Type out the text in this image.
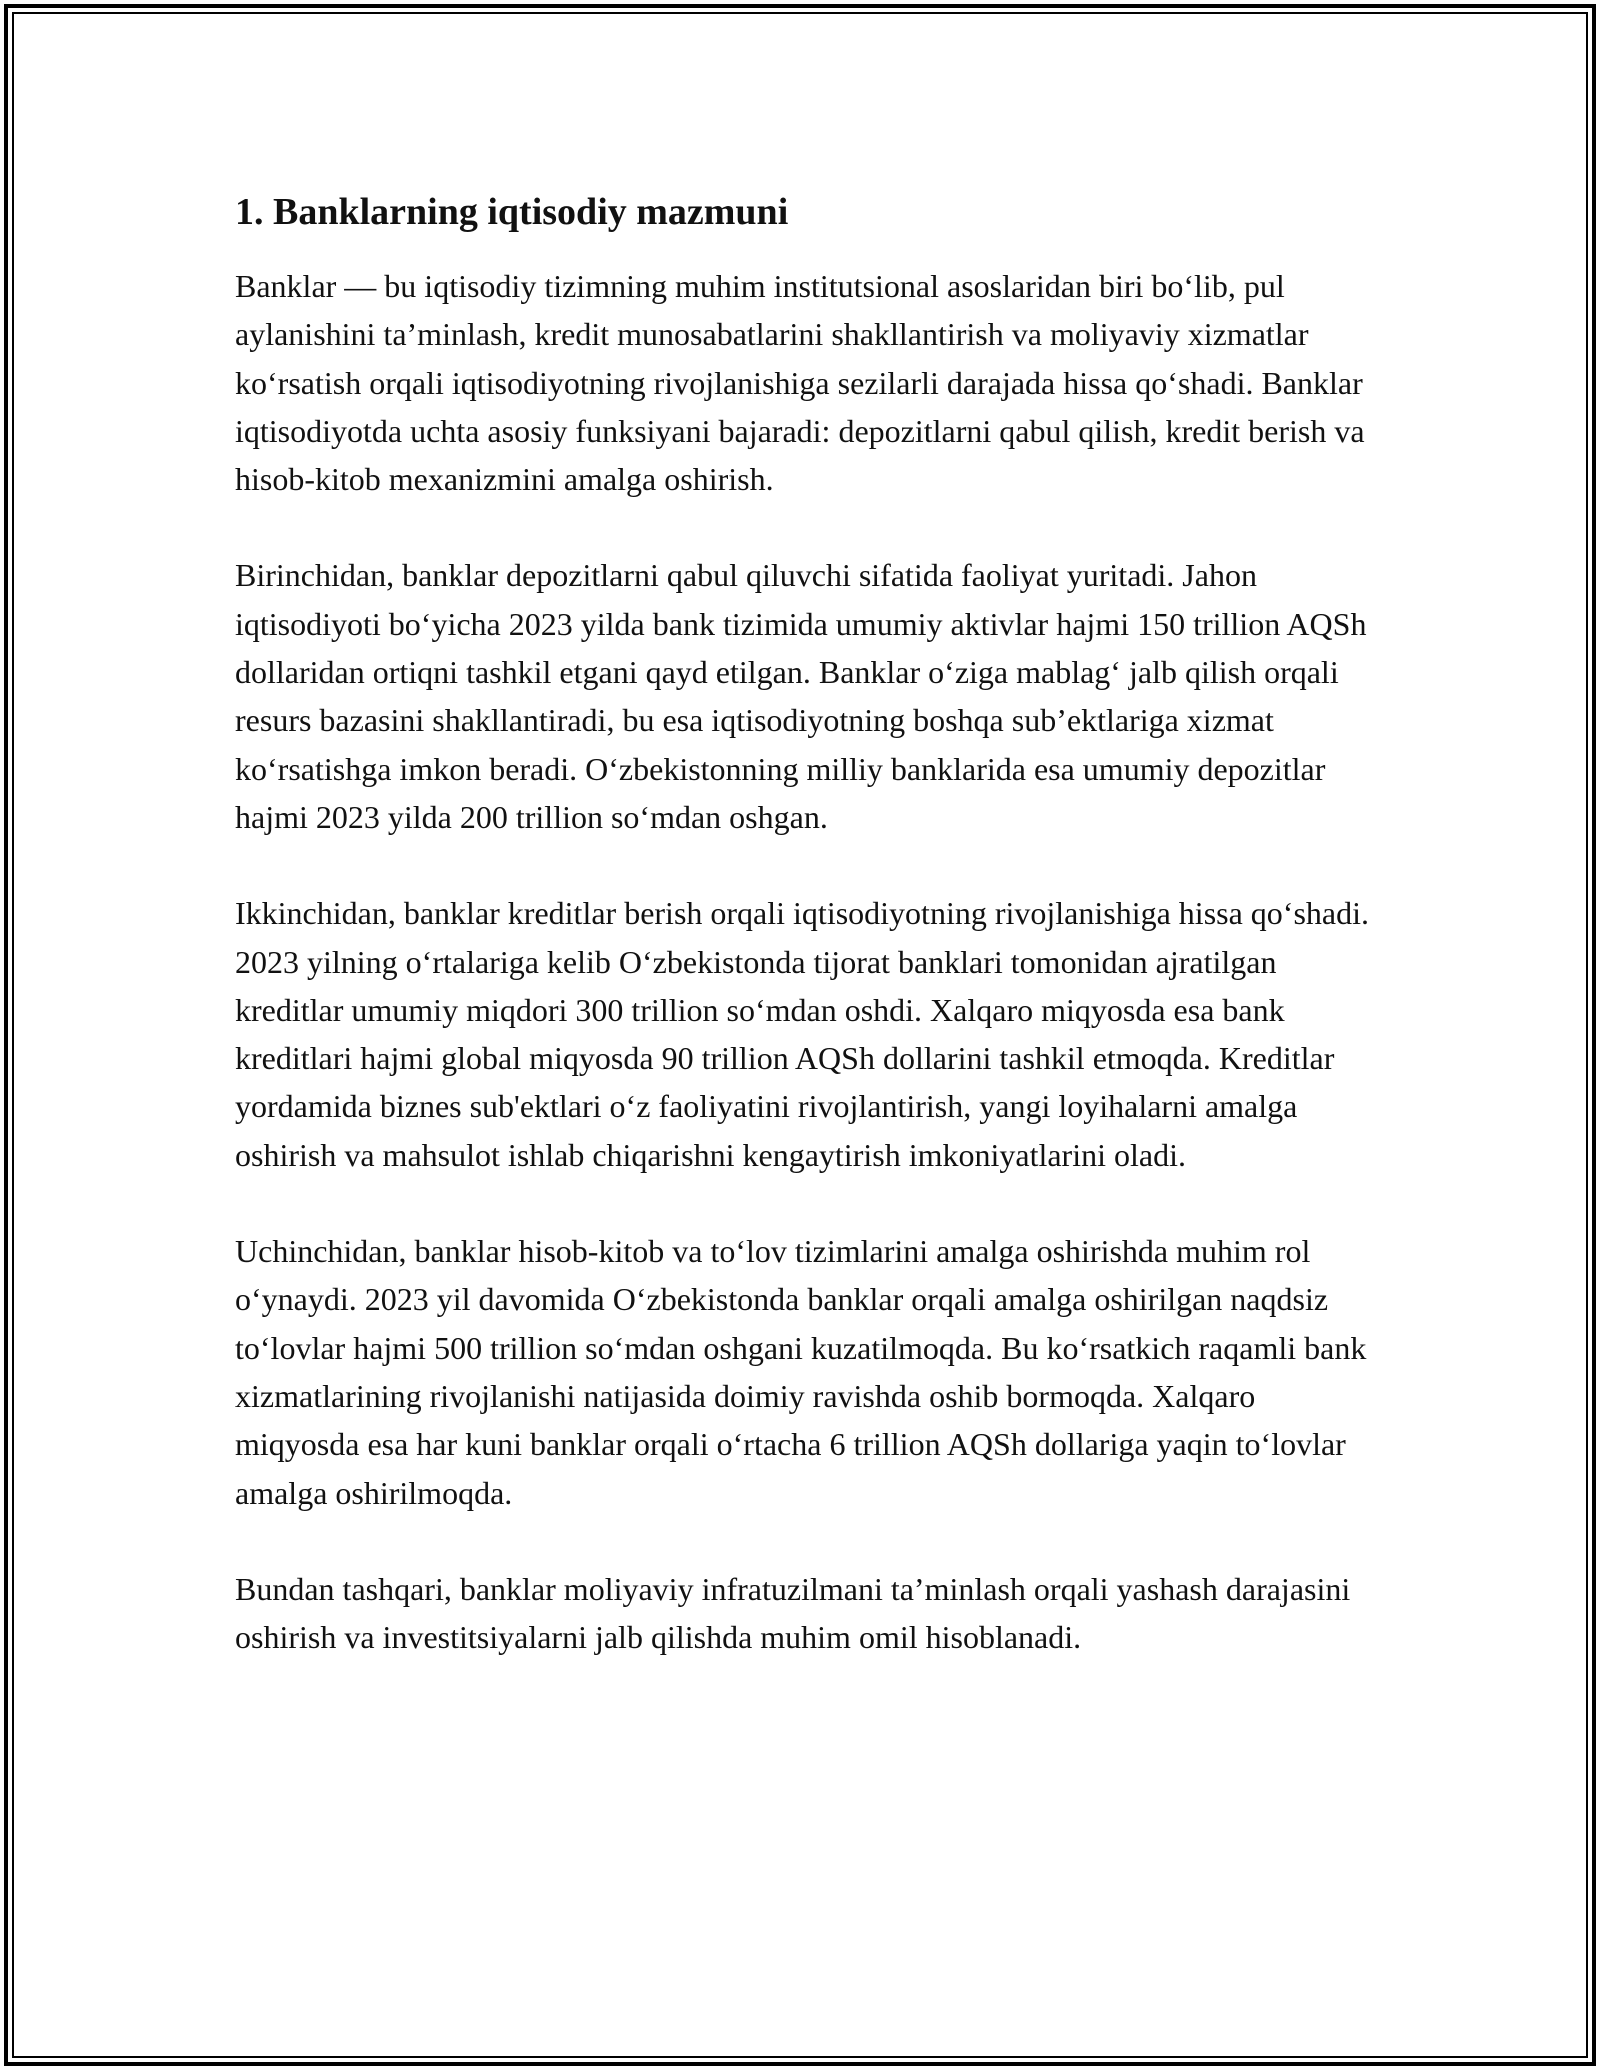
1. Banklarning iqtisodiy mazmuni

Banklar — bu iqtisodiy tizimning muhim institutsional asoslaridan biri bo‘lib, pul aylanishini ta’minlash, kredit munosabatlarini shakllantirish va moliyaviy xizmatlar ko‘rsatish orqali iqtisodiyotning rivojlanishiga sezilarli darajada hissa qo‘shadi. Banklar iqtisodiyotda uchta asosiy funksiyani bajaradi: depozitlarni qabul qilish, kredit berish va hisob-kitob mexanizmini amalga oshirish.

Birinchidan, banklar depozitlarni qabul qiluvchi sifatida faoliyat yuritadi. Jahon iqtisodiyoti bo‘yicha 2023 yilda bank tizimida umumiy aktivlar hajmi 150 trillion AQSh dollaridan ortiqni tashkil etgani qayd etilgan. Banklar o‘ziga mablag‘ jalb qilish orqali resurs bazasini shakllantiradi, bu esa iqtisodiyotning boshqa sub’ektlariga xizmat ko‘rsatishga imkon beradi. O‘zbekistonning milliy banklarida esa umumiy depozitlar hajmi 2023 yilda 200 trillion so‘mdan oshgan.

Ikkinchidan, banklar kreditlar berish orqali iqtisodiyotning rivojlanishiga hissa qo‘shadi. 2023 yilning o‘rtalariga kelib O‘zbekistonda tijorat banklari tomonidan ajratilgan kreditlar umumiy miqdori 300 trillion so‘mdan oshdi. Xalqaro miqyosda esa bank kreditlari hajmi global miqyosda 90 trillion AQSh dollarini tashkil etmoqda. Kreditlar yordamida biznes sub'ektlari o‘z faoliyatini rivojlantirish, yangi loyihalarni amalga oshirish va mahsulot ishlab chiqarishni kengaytirish imkoniyatlarini oladi.

Uchinchidan, banklar hisob-kitob va to‘lov tizimlarini amalga oshirishda muhim rol o‘ynaydi. 2023 yil davomida O‘zbekistonda banklar orqali amalga oshirilgan naqdsiz to‘lovlar hajmi 500 trillion so‘mdan oshgani kuzatilmoqda. Bu ko‘rsatkich raqamli bank xizmatlarining rivojlanishi natijasida doimiy ravishda oshib bormoqda. Xalqaro miqyosda esa har kuni banklar orqali o‘rtacha 6 trillion AQSh dollariga yaqin to‘lovlar amalga oshirilmoqda.

Bundan tashqari, banklar moliyaviy infratuzilmani ta’minlash orqali yashash darajasini oshirish va investitsiyalarni jalb qilishda muhim omil hisoblanadi.
